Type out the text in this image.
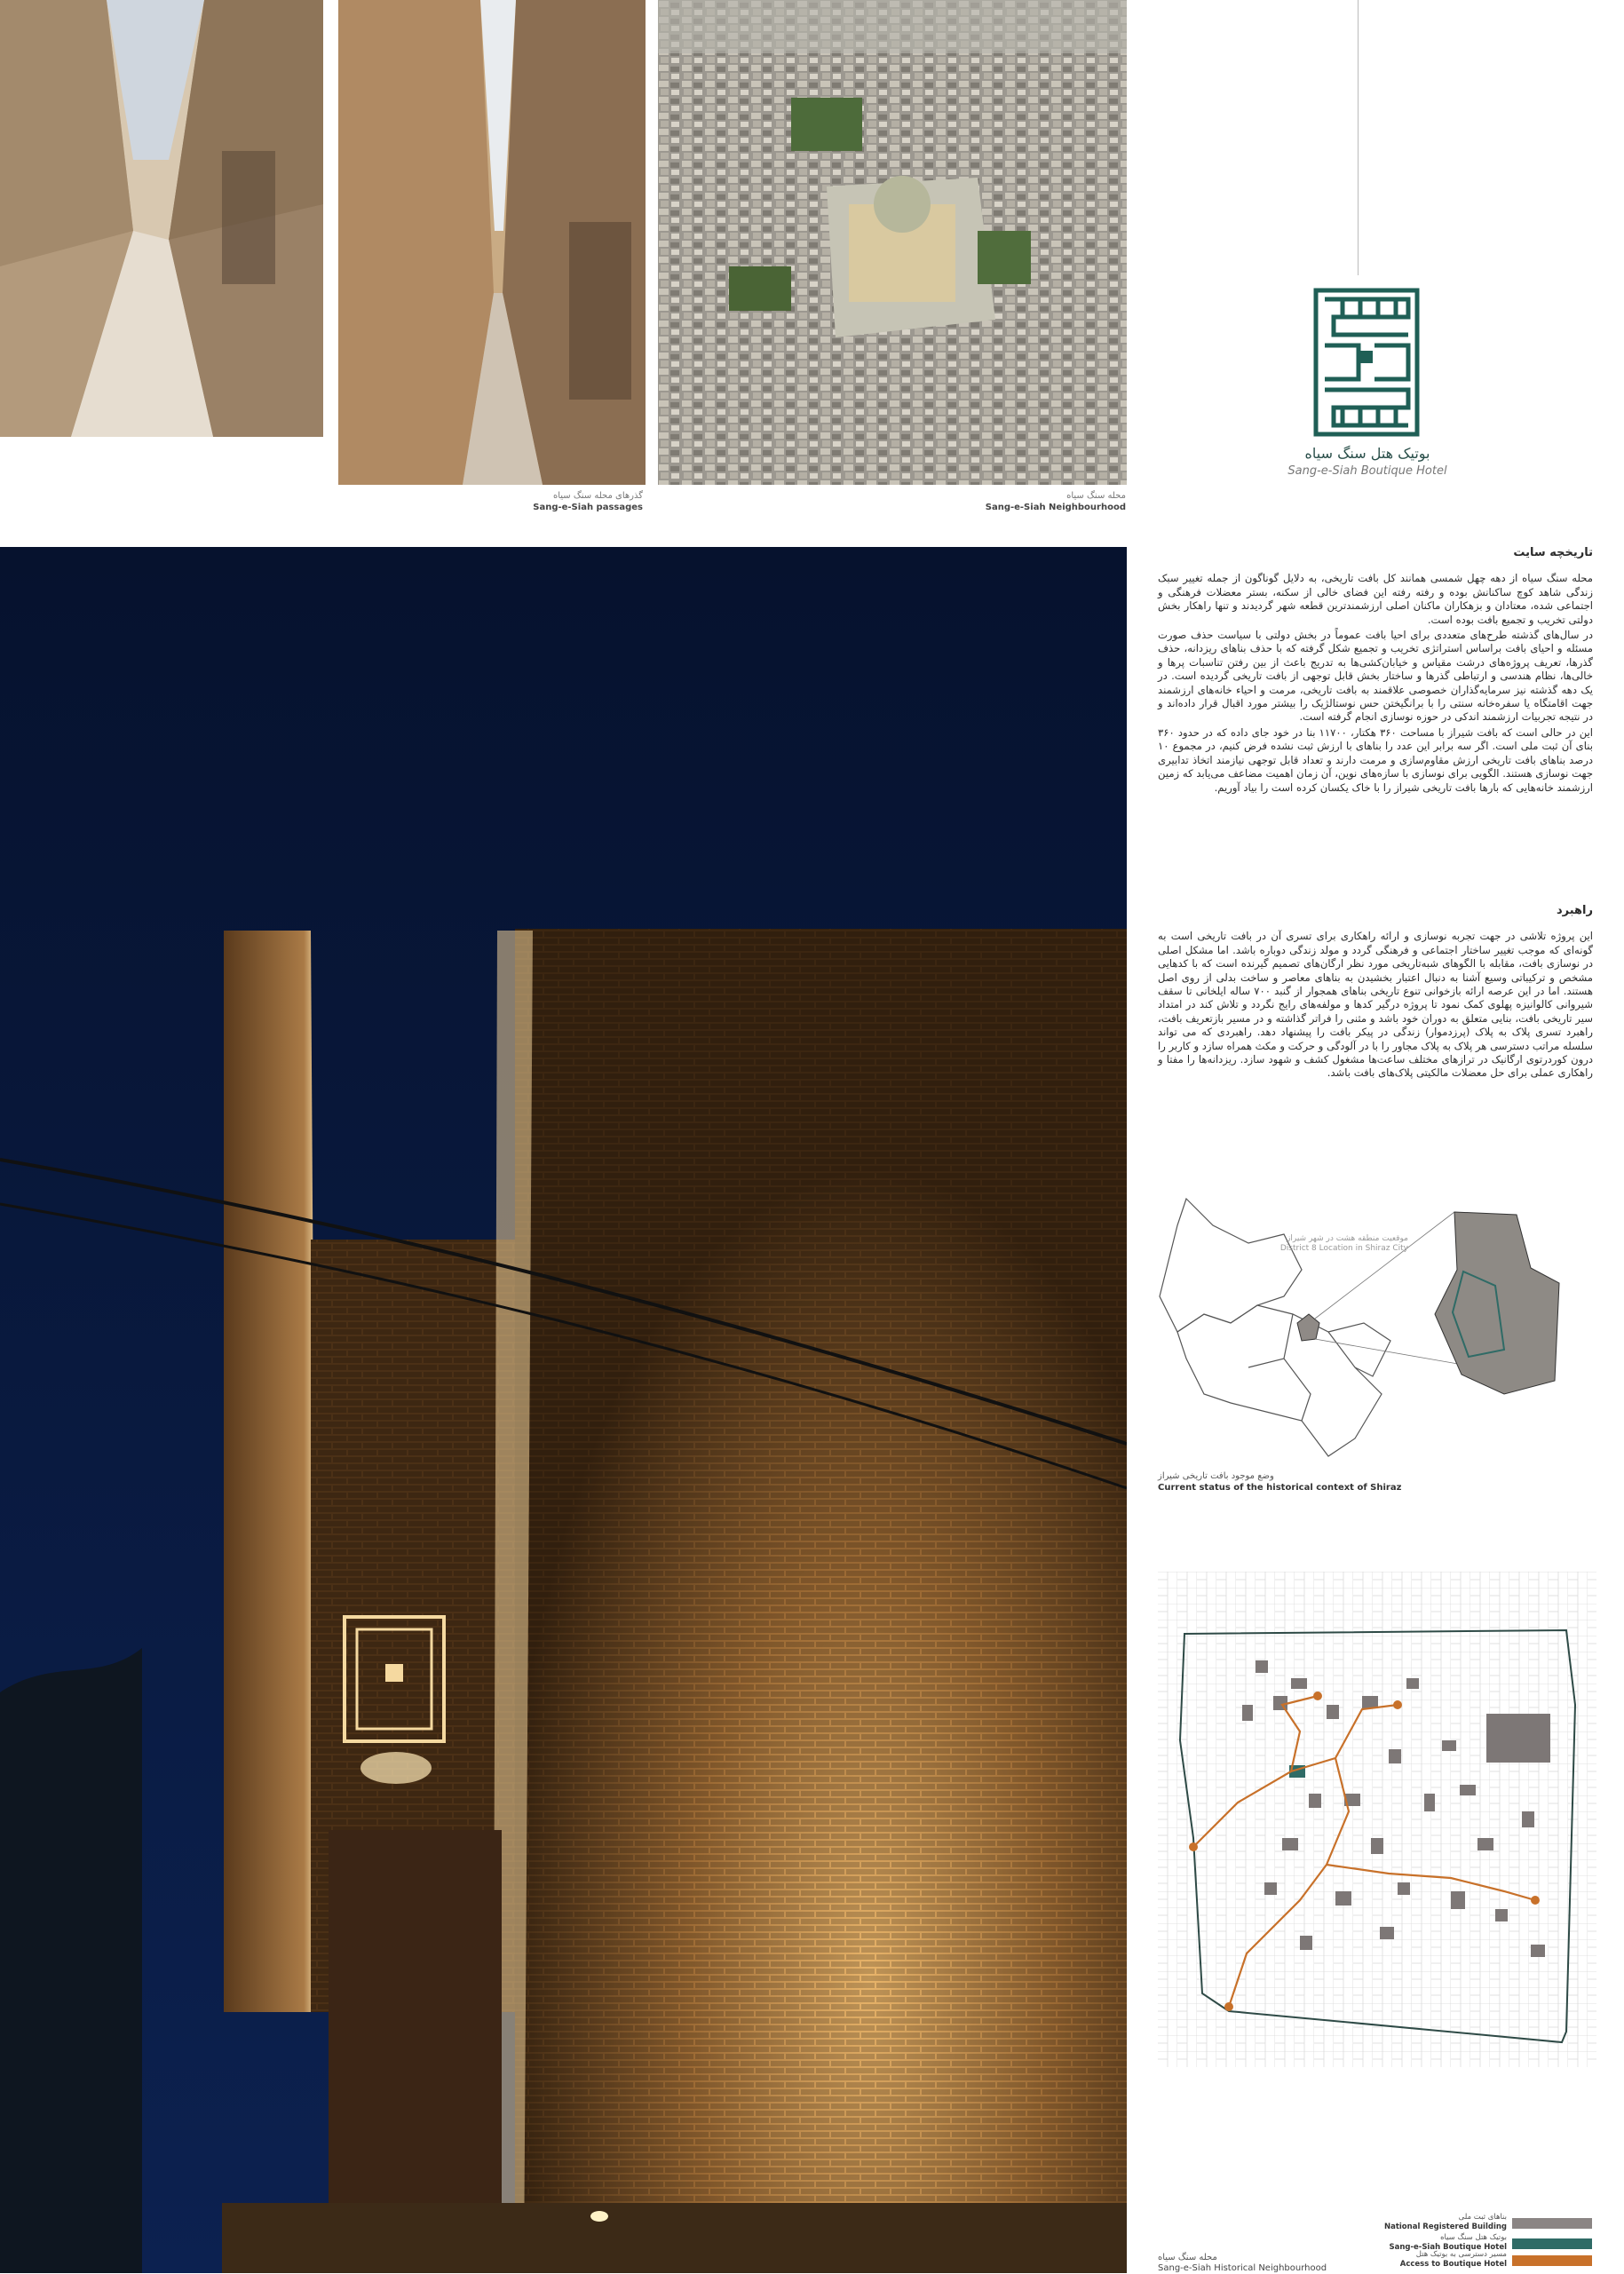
گذرهای محله سنگ سیاه
Sang-e-Siah passages
محله سنگ سیاه
Sang-e-Siah Neighbourhood
بوتیک هتل سنگ سیاه
Sang-e-Siah Boutique Hotel
تاریخچه سایت

محله سنگ سیاه از دهه چهل شمسی همانند کل بافت تاریخی، به دلایل گوناگون از جمله تغییر سبک زندگی شاهد کوچ ساکنانش بوده و رفته رفته این فضای خالی از سکنه، بستر معضلات فرهنگی و اجتماعی شده، معتادان و بزهکاران ماکنان اصلی ارزشمندترین قطعه شهر گردیدند و تنها راهکار بخش دولتی تخریب و تجمیع بافت بوده است.

در سال‌های گذشته طرح‌های متعددی برای احیا بافت عموماً در بخش دولتی با سیاست حذف صورت مسئله و احیای بافت براساس استراتژی تخریب و تجمیع شکل گرفته که با حذف بناهای ریزدانه، حذف گذرها، تعریف پروژه‌های درشت مقیاس و خیابان‌کشی‌ها به تدریج باعث از بین رفتن تناسبات پرها و خالی‌ها، نظام هندسی و ارتباطی گذرها و ساختار بخش قابل توجهی از بافت تاریخی گردیده است. در یک دهه گذشته نیز سرمایه‌گذاران خصوصی علاقمند به بافت تاریخی، مرمت و احیاء خانه‌های ارزشمند جهت اقامتگاه یا سفره‌خانه سنتی را با برانگیختن حس نوستالژیک را بیشتر مورد اقبال قرار داده‌اند و در نتیجه تجربیات ارزشمند اندکی در حوزه نوسازی انجام گرفته است.

این در حالی است که بافت شیراز با مساحت ۳۶۰ هکتار، ۱۱۷۰۰ بنا در خود جای داده که در حدود ۳۶۰ بنای آن ثبت ملی است. اگر سه برابر این عدد را بناهای با ارزش ثبت نشده فرض کنیم، در مجموع ۱۰ درصد بناهای بافت تاریخی ارزش مقاوم‌سازی و مرمت دارند و تعداد قابل توجهی نیازمند اتخاذ تدابیری جهت نوسازی هستند. الگویی برای نوسازی با سازه‌های نوین، آن زمان اهمیت مضاعف می‌یابد که زمین ارزشمند خانه‌هایی که بارها بافت تاریخی شیراز را با خاک یکسان کرده است را بیاد آوریم.

راهبرد

این پروژه تلاشی در جهت تجربه نوسازی و ارائه راهکاری برای تسری آن در بافت تاریخی است به گونه‌ای که موجب تغییر ساختار اجتماعی و فرهنگی گردد و مولد زندگی دوباره باشد. اما مشکل اصلی در نوسازی بافت، مقابله با الگوهای شبه‌تاریخی مورد نظر ارگان‌های تصمیم گیرنده است که با کدهایی مشخص و ترکیباتی وسیع آشنا به دنبال اعتبار بخشیدن به بناهای معاصر و ساخت بدلی از روی اصل هستند. اما در این عرصه ارائه بازخوانی تنوع تاریخی بناهای همجوار از گنبد ۷۰۰ ساله ایلخانی تا سقف شیروانی کالوانیزه پهلوی کمک نمود تا پروژه درگیر کدها و مولفه‌های رایج نگردد و تلاش کند در امتداد سیر تاریخی بافت، بنایی متعلق به دوران خود باشد و مثنی را فراتر گذاشته و در مسیر بازتعریف بافت، راهبرد تسری پلاک به پلاک (پرزدموار) زندگی در پیکر بافت را پیشنهاد دهد. راهبردی که می تواند سلسله مراتب دسترسی هر پلاک به پلاک مجاور را با در آلودگی و حرکت و مکث همراه سازد و کاربر را درون کوردرتوی ارگانیک در تراز‌های مختلف ساعت‌ها مشغول کشف و شهود سازد. ریزدانه‌ها را مفتا و راهکاری عملی برای حل معضلات مالکیتی پلاک‌های بافت باشد.

موقعیت منطقه هشت در شهر شیراز
District 8 Location in Shiraz City
وضع موجود بافت تاریخی شیراز
Current status of the historical context of Shiraz
محله سنگ سیاه
Sang-e-Siah Historical Neighbourhood
بناهای ثبت ملی
National Registered Building
بوتیک هتل سنگ سیاه
Sang-e-Siah Boutique Hotel
مسیر دسترسی به بوتیک هتل
Access to Boutique Hotel
